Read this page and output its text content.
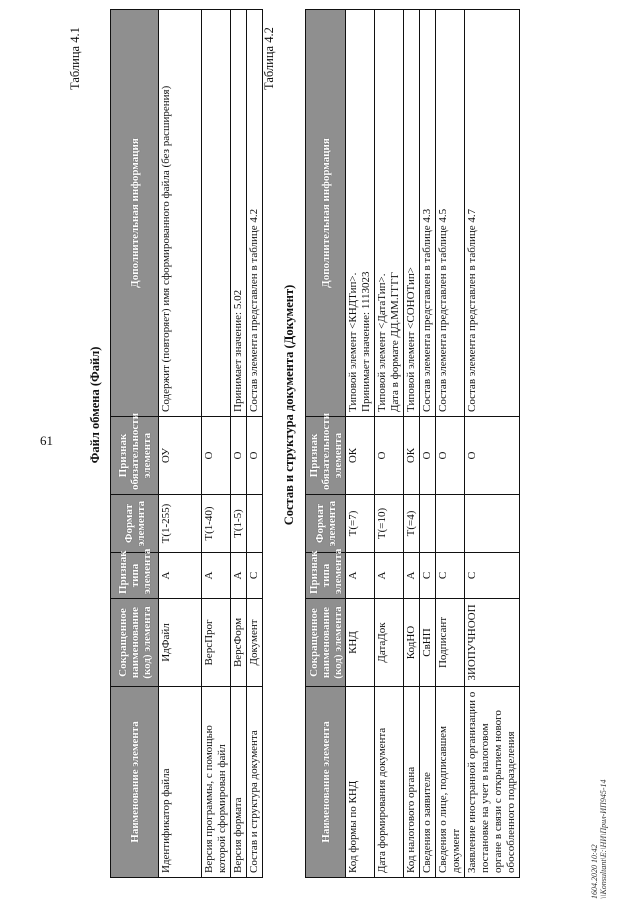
61
Таблица 4.1
Файл обмена (Файл)
Наименование элемента	Сокращенное наименование (код) элемента	Признак типа элемента	Формат элемента	Признак обязательности элемента	Дополнительная информация
Идентификатор файла	ИдФайл	А	T(1-255)	ОУ	Содержит (повторяет) имя сформированного файла (без расширения)

Версия программы, с помощью которой сформирован файл	ВерсПрог	А	T(1-40)	О	
Версия формата	ВерсФорм	А	T(1-5)	О	Принимает значение: 5.02
Состав и структура документа	Документ	С		О	Состав элемента представлен в таблице 4.2
Таблица 4.2
Состав и структура документа (Документ)
Наименование элемента	Сокращенное наименование (код) элемента	Признак типа элемента	Формат элемента	Признак обязательности элемента	Дополнительная информация
Код формы по КНД	КНД	А	T(=7)	ОК	Типовой элемент <КНДТип>. Принимает значение: 1113023

Дата формирования документа	ДатаДок	А	T(=10)	О	Типовой элемент <ДатаТип>. Дата в формате ДД.ММ.ГГГГ

Код налогового органа	КодНО	А	T(=4)	ОК	Типовой элемент <СОНОТип>
Сведения о заявителе	СвНП	С		О	Состав элемента представлен в таблице 4.3
Сведения о лице, подписавшем документ	Подписант	С		О	Состав элемента представлен в таблице 4.5
Заявление иностранной организации о постановке на учет в налоговом органе в связи с открытием нового обособленного подразделения	ЗИОПУЧНООП	С		О	Состав элемента представлен в таблице 4.7
1604.2020 10:42 \\Konsultant\E:\НИ\Прил-ИП945-14
